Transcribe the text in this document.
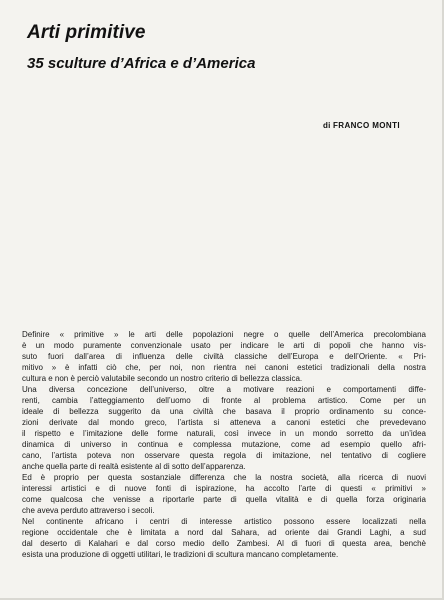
Arti primitive
35 sculture d’Africa e d’America
di FRANCO MONTI
Definire « primitive » le arti delle popolazioni negre o quelle dell’America precolombiana
è un modo puramente convenzionale usato per indicare le arti di popoli che hanno vis-
suto fuori dall’area di influenza delle civiltà classiche dell’Europa e dell’Oriente. « Pri-
mitivo » è infatti ciò che, per noi, non rientra nei canoni estetici tradizionali della nostra
cultura e non è perciò valutabile secondo un nostro criterio di bellezza classica.
Una diversa concezione dell’universo, oltre a motivare reazioni e comportamenti diffe-
renti, cambia l’atteggiamento dell’uomo di fronte al problema artistico. Come per un
ideale di bellezza suggerito da una civiltà che basava il proprio ordinamento su conce-
zioni derivate dal mondo greco, l’artista si atteneva a canoni estetici che prevedevano
il rispetto e l’imitazione delle forme naturali, così invece in un mondo sorretto da un’idea
dinamica di universo in continua e complessa mutazione, come ad esempio quello afri-
cano, l’artista poteva non osservare questa regola di imitazione, nel tentativo di cogliere
anche quella parte di realtà esistente al di sotto dell’apparenza.
Ed è proprio per questa sostanziale differenza che la nostra società, alla ricerca di nuovi
interessi artistici e di nuove fonti di ispirazione, ha accolto l’arte di questi « primitivi »
come qualcosa che venisse a riportarle parte di quella vitalità e di quella forza originaria
che aveva perduto attraverso i secoli.
Nel continente africano i centri di interesse artistico possono essere localizzati nella
regione occidentale che è limitata a nord dal Sahara, ad oriente dai Grandi Laghi, a sud
dal deserto di Kalahari e dal corso medio dello Zambesi. Al di fuori di questa area, benchè
esista una produzione di oggetti utilitari, le tradizioni di scultura mancano completamente.
